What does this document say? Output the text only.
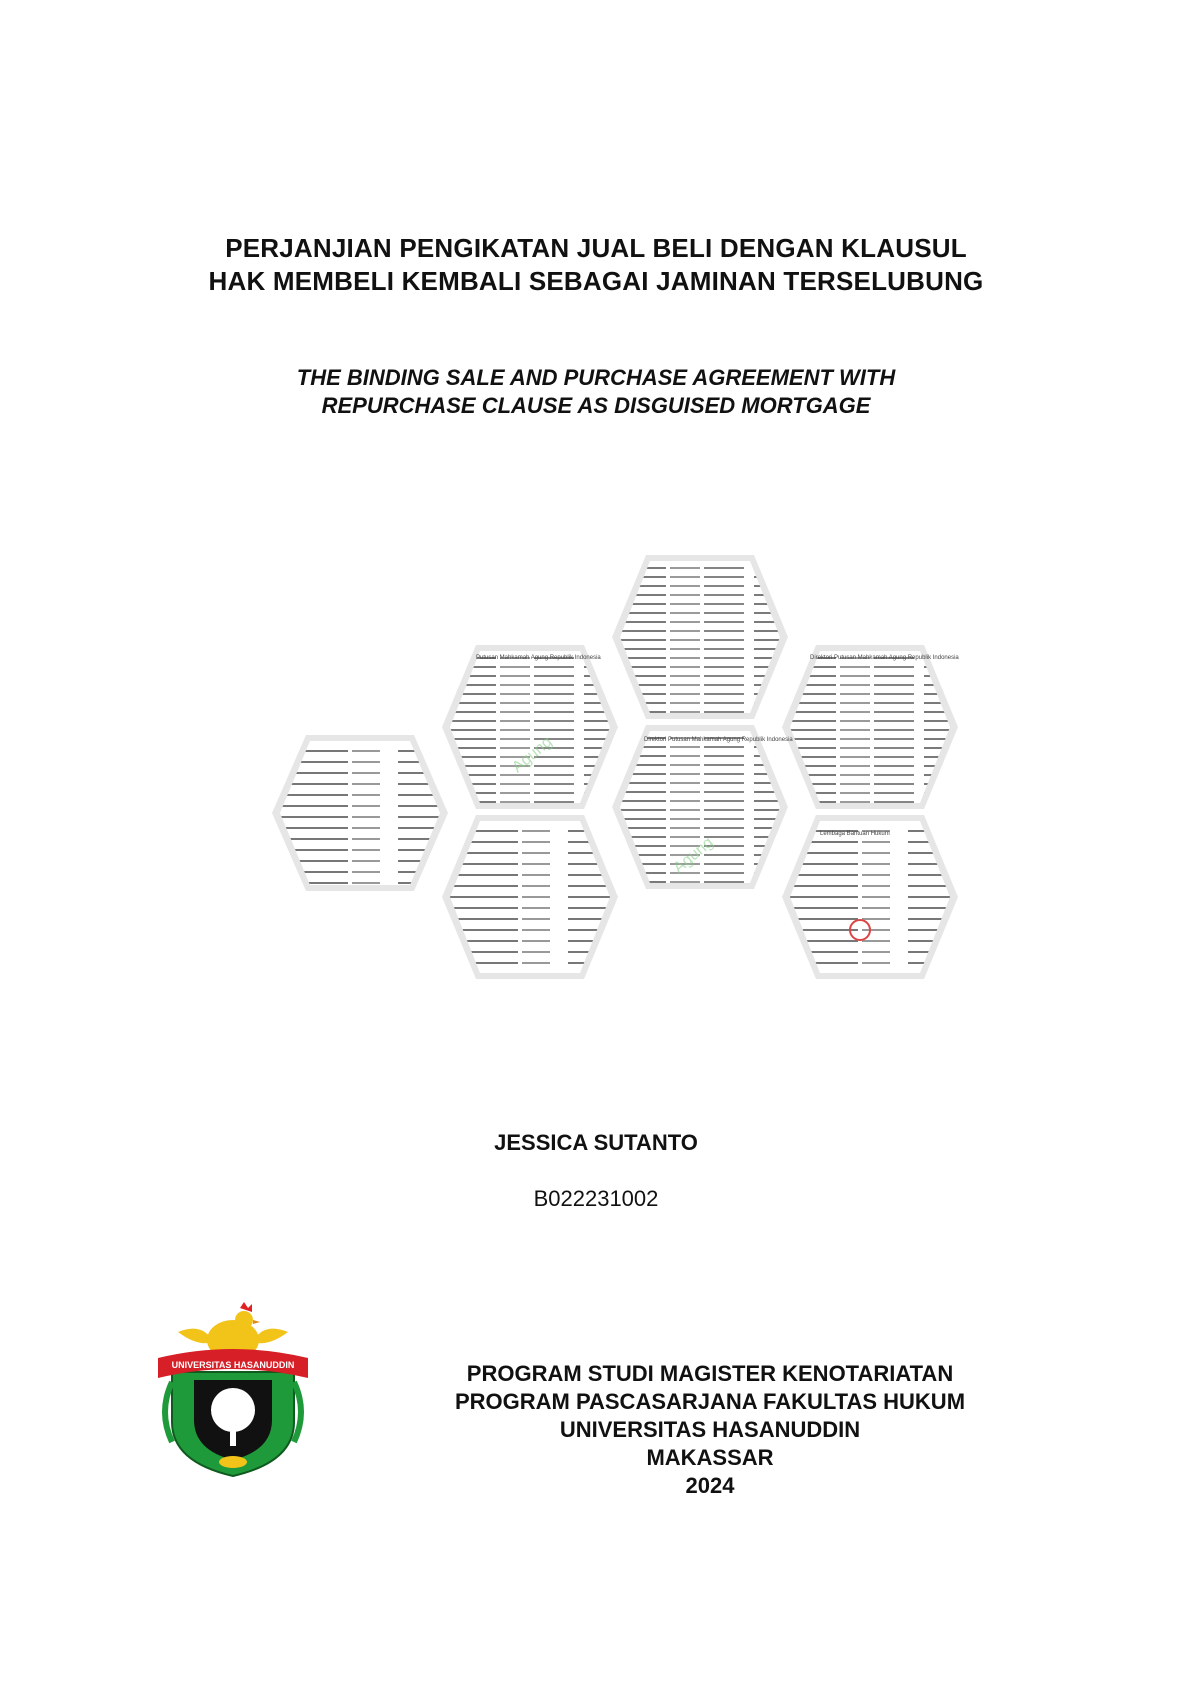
PERJANJIAN PENGIKATAN JUAL BELI DENGAN KLAUSUL
HAK MEMBELI KEMBALI SEBAGAI JAMINAN TERSELUBUNG
THE BINDING SALE AND PURCHASE AGREEMENT WITH
REPURCHASE CLAUSE AS DISGUISED MORTGAGE
Putusan Mahkamah Agung Republik Indonesia
Agung
Direktori Putusan Mahkamah Agung Republik Indonesia
Direktori Putusan Mahkamah Agung Republik Indonesia
Agung	Lembaga Bantuan Hukum
JESSICA SUTANTO
B022231002
UNIVERSITAS HASANUDDIN	PROGRAM STUDI MAGISTER KENOTARIATAN
PROGRAM PASCASARJANA FAKULTAS HUKUM
UNIVERSITAS HASANUDDIN
MAKASSAR
2024
